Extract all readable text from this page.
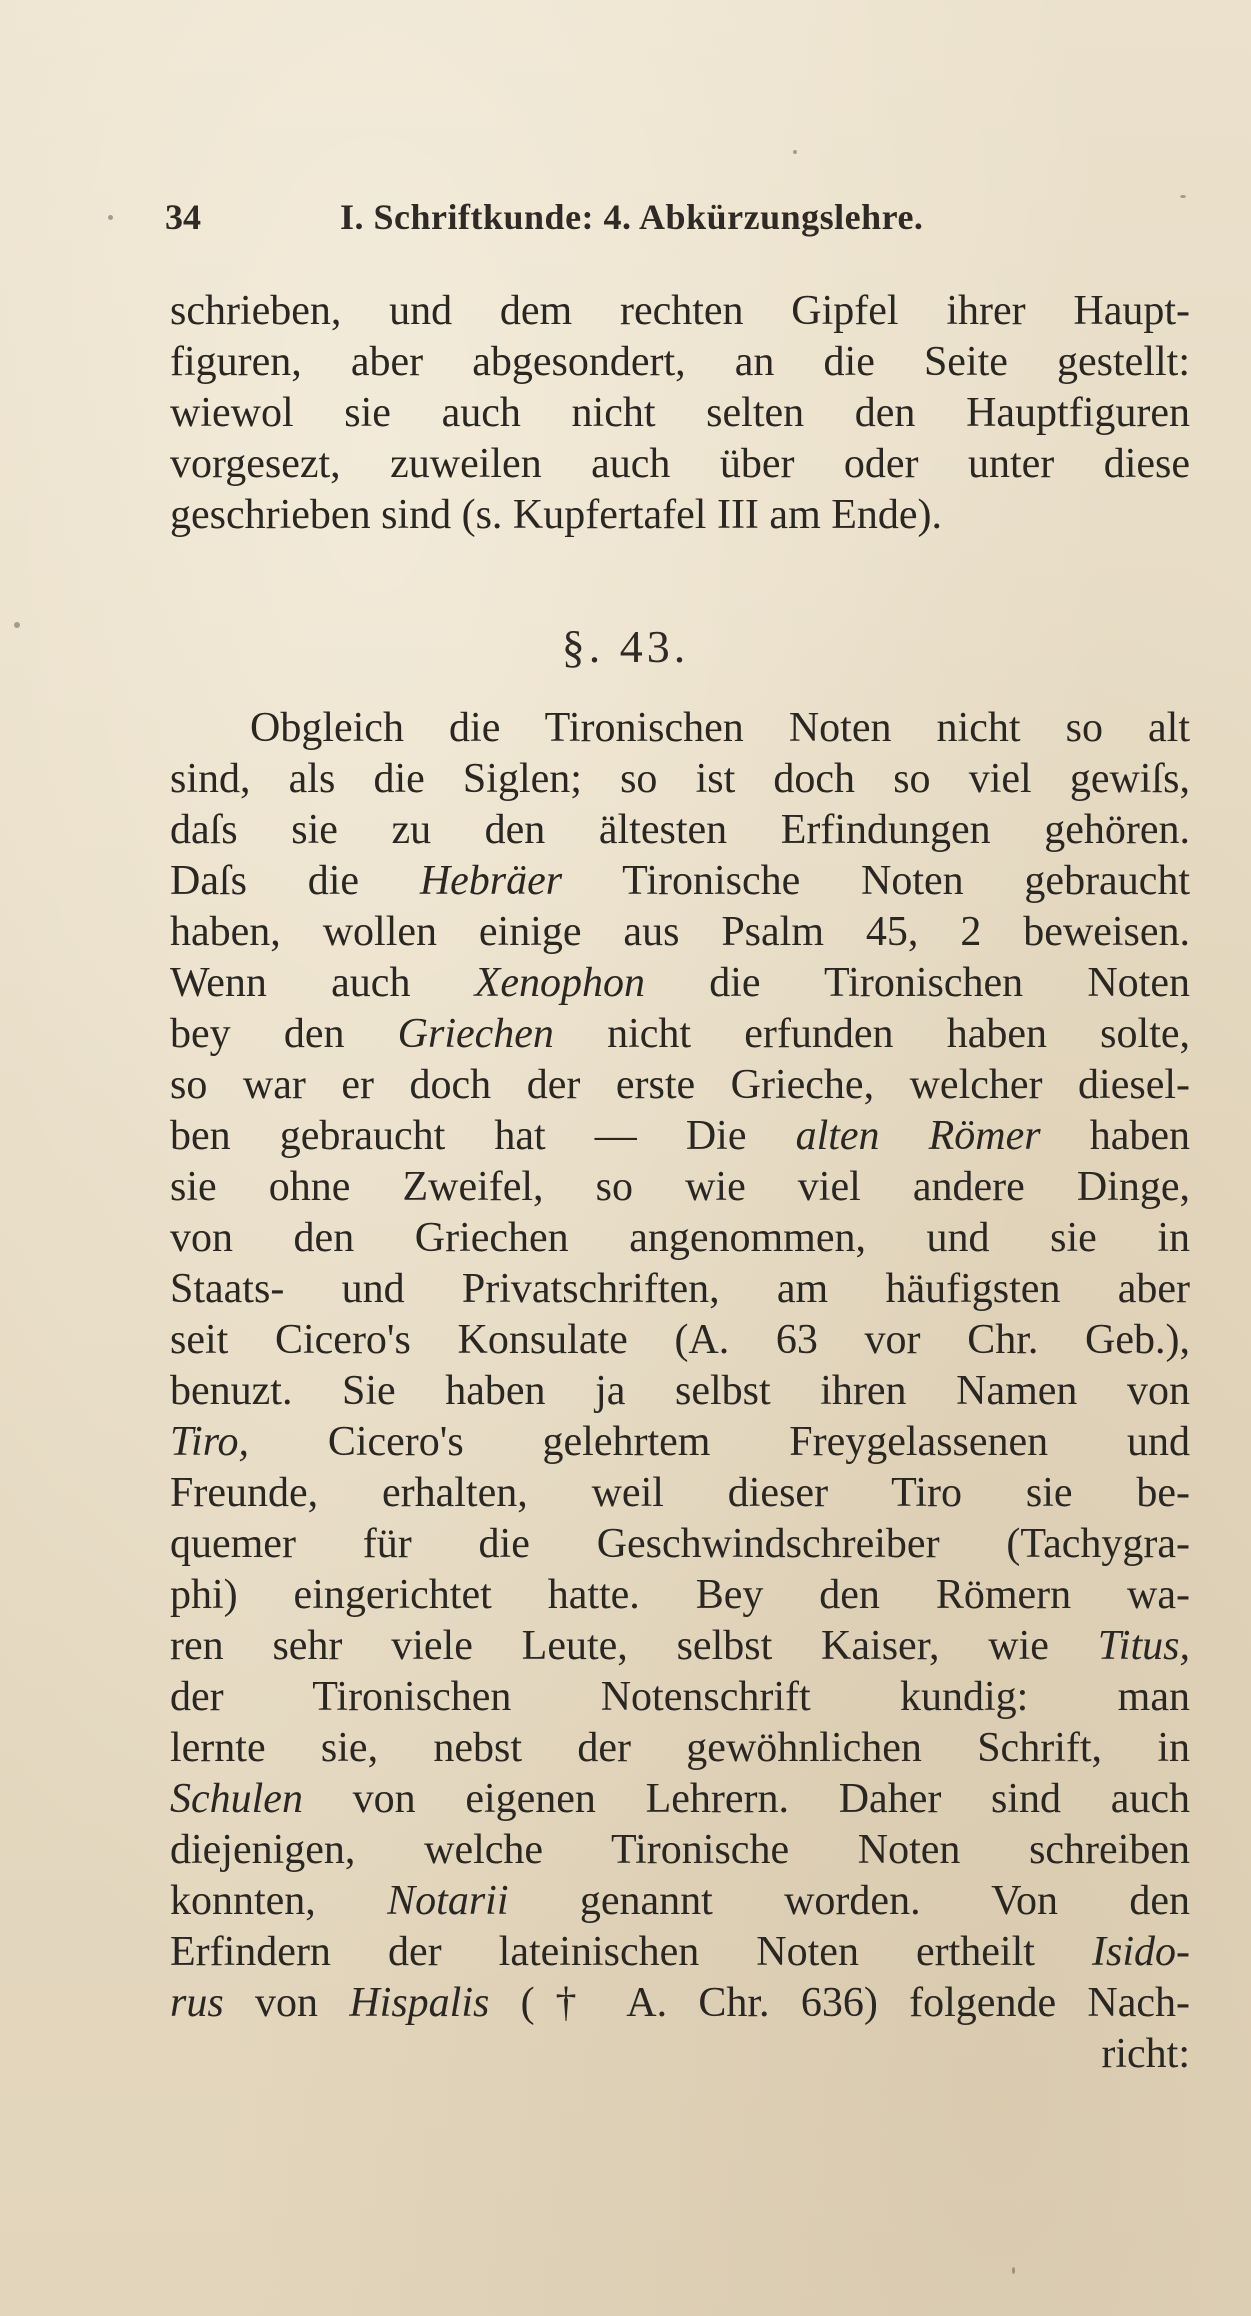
34	I. Schriftkunde: 4. Abkürzungslehre.
schrieben, und dem rechten Gipfel ihrer Haupt-
figuren, aber abgesondert, an die Seite gestellt:
wiewol sie auch nicht selten den Hauptfiguren
vorgesezt, zuweilen auch über oder unter diese
geschrieben sind (s. Kupfertafel III am Ende).
§. 43.
Obgleich die Tironischen Noten nicht so alt
sind, als die Siglen; so ist doch so viel gewiſs,
daſs sie zu den ältesten Erfindungen gehören.
Daſs die Hebräer Tironische Noten gebraucht
haben, wollen einige aus Psalm 45, 2 beweisen.
Wenn auch Xenophon die Tironischen Noten
bey den Griechen nicht erfunden haben solte,
so war er doch der erste Grieche, welcher diesel-
ben gebraucht hat — Die alten Römer haben
sie ohne Zweifel, so wie viel andere Dinge,
von den Griechen angenommen, und sie in
Staats- und Privatschriften, am häufigsten aber
seit Cicero's Konsulate (A. 63 vor Chr. Geb.),
benuzt. Sie haben ja selbst ihren Namen von
Tiro, Cicero's gelehrtem Freygelassenen und
Freunde, erhalten, weil dieser Tiro sie be-
quemer für die Geschwindschreiber (Tachygra-
phi) eingerichtet hatte. Bey den Römern wa-
ren sehr viele Leute, selbst Kaiser, wie Titus,
der Tironischen Notenschrift kundig: man
lernte sie, nebst der gewöhnlichen Schrift, in
Schulen von eigenen Lehrern. Daher sind auch
diejenigen, welche Tironische Noten schreiben
konnten, Notarii genannt worden. Von den
Erfindern der lateinischen Noten ertheilt Isido-
rus von Hispalis († A. Chr. 636) folgende Nach-
richt:
